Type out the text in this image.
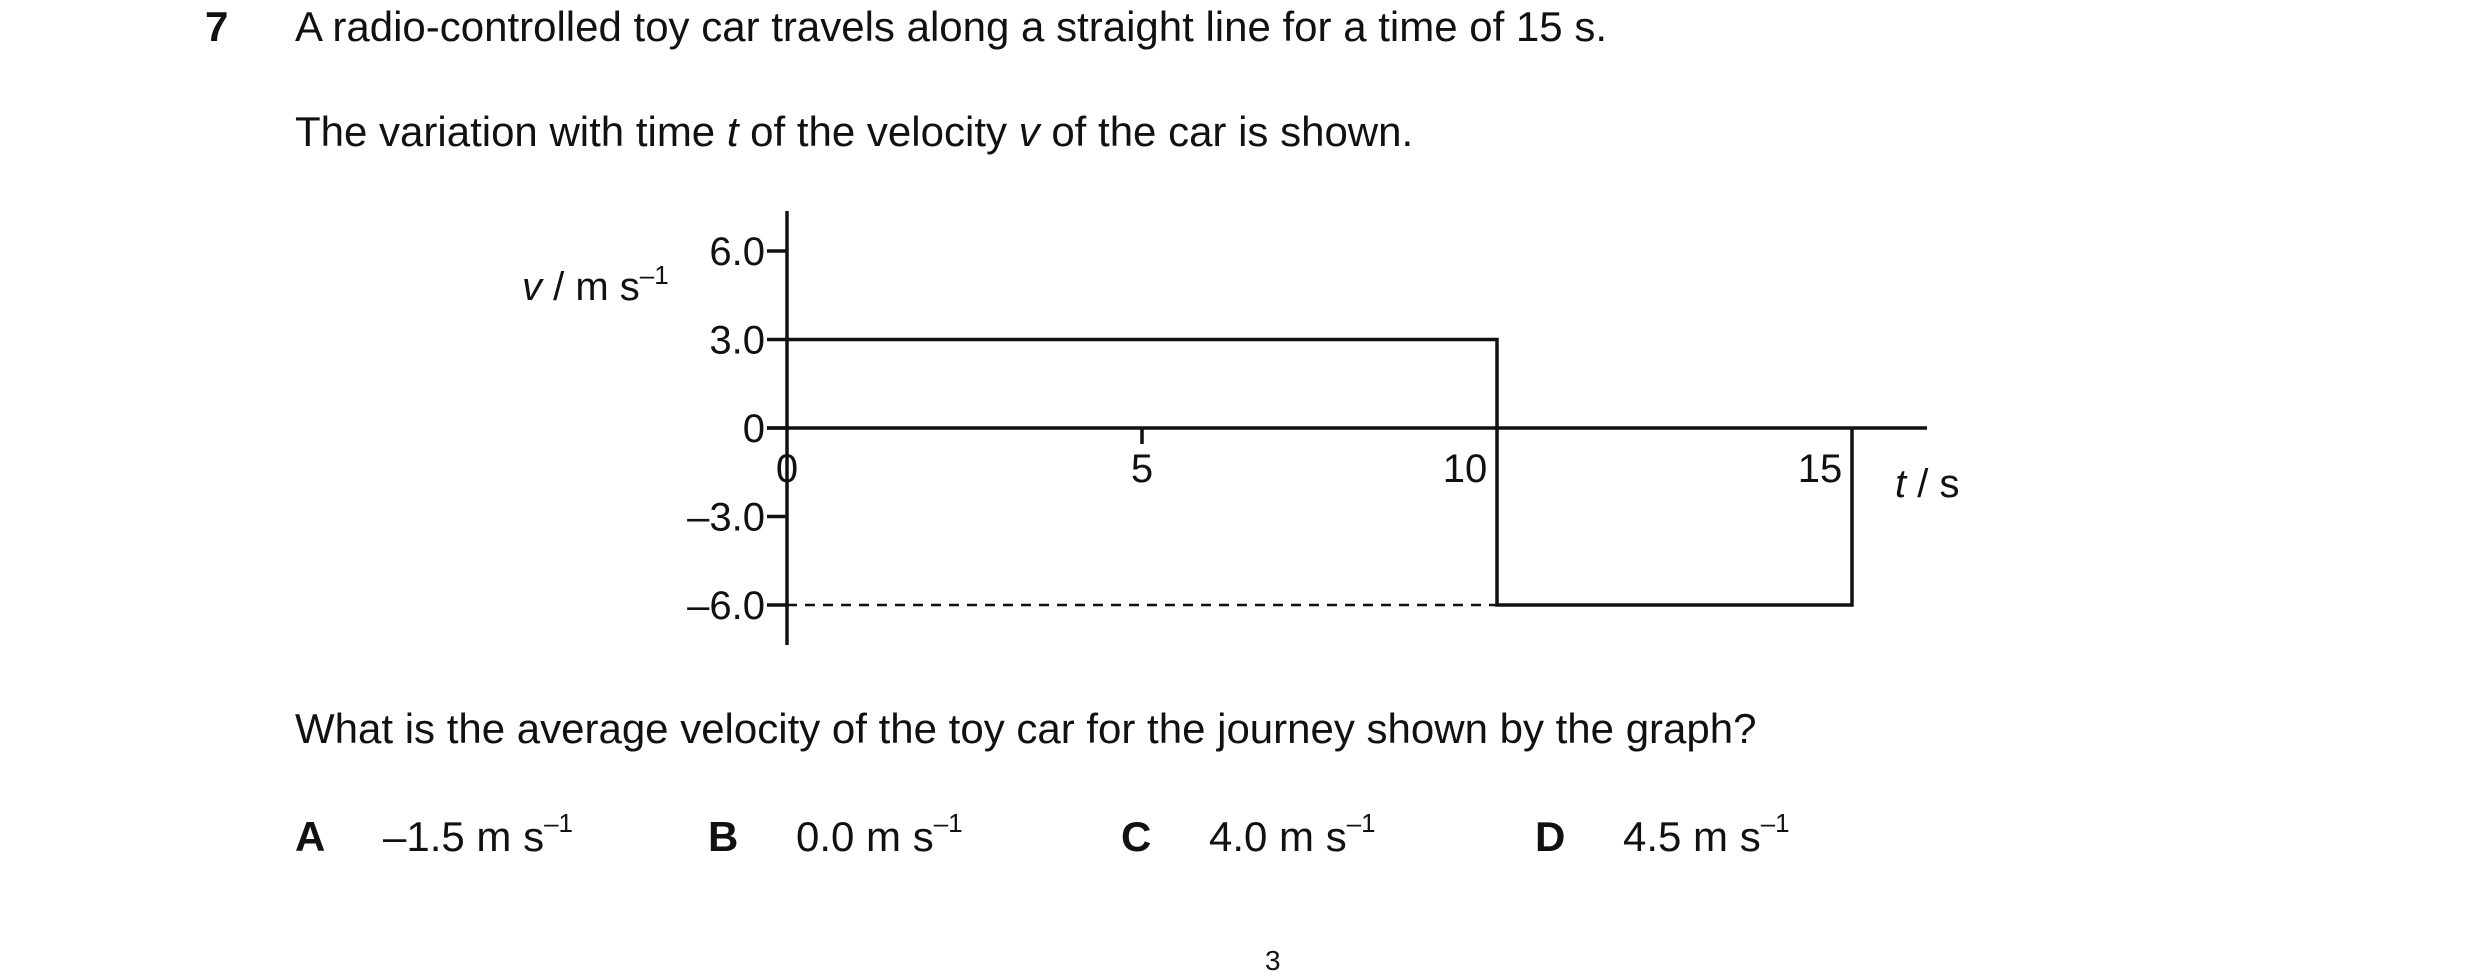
7 A radio-controlled toy car travels along a straight line for a time of 15 s.
The variation with time t of the velocity v of the car is shown.
6.0
3.0
0
–3.0
–6.0
0	5	10	15
v / m $s^{-1}$
t / s
A –1.5 m $s^{-1}$	B 0.0 m $s^{-1}$	C 4.0 m $s^{-1}$	D 4.5 m $s^{-1}$
What is the average velocity of the toy car for the journey shown by the graph?
3
